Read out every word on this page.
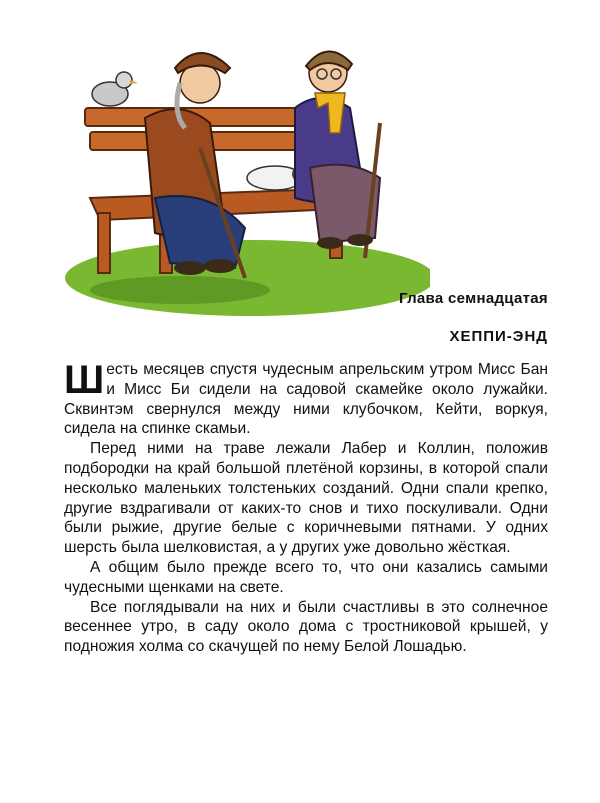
Глава семнадцатая
ХЕППИ-ЭНД

Шесть месяцев спустя чудесным апрельским утром Мисс Бан и Мисс Би сидели на садовой скамейке около лужайки. Сквинтэм свернулся между ними клубочком, Кейти, воркуя, сидела на спинке скамьи.

Перед ними на траве лежали Лабер и Коллин, положив подбородки на край большой плетёной корзины, в которой спали несколько маленьких толстеньких созданий. Одни спали крепко, другие вздрагивали от каких-то снов и тихо поскуливали. Одни были рыжие, другие белые с коричневыми пятнами. У одних шерсть была шелковистая, а у других уже довольно жёсткая.

А общим было прежде всего то, что они казались самыми чудесными щенками на свете.

Все поглядывали на них и были счастливы в это солнечное весеннее утро, в саду около дома с тростниковой крышей, у подножия холма со скачущей по нему Белой Лошадью.
